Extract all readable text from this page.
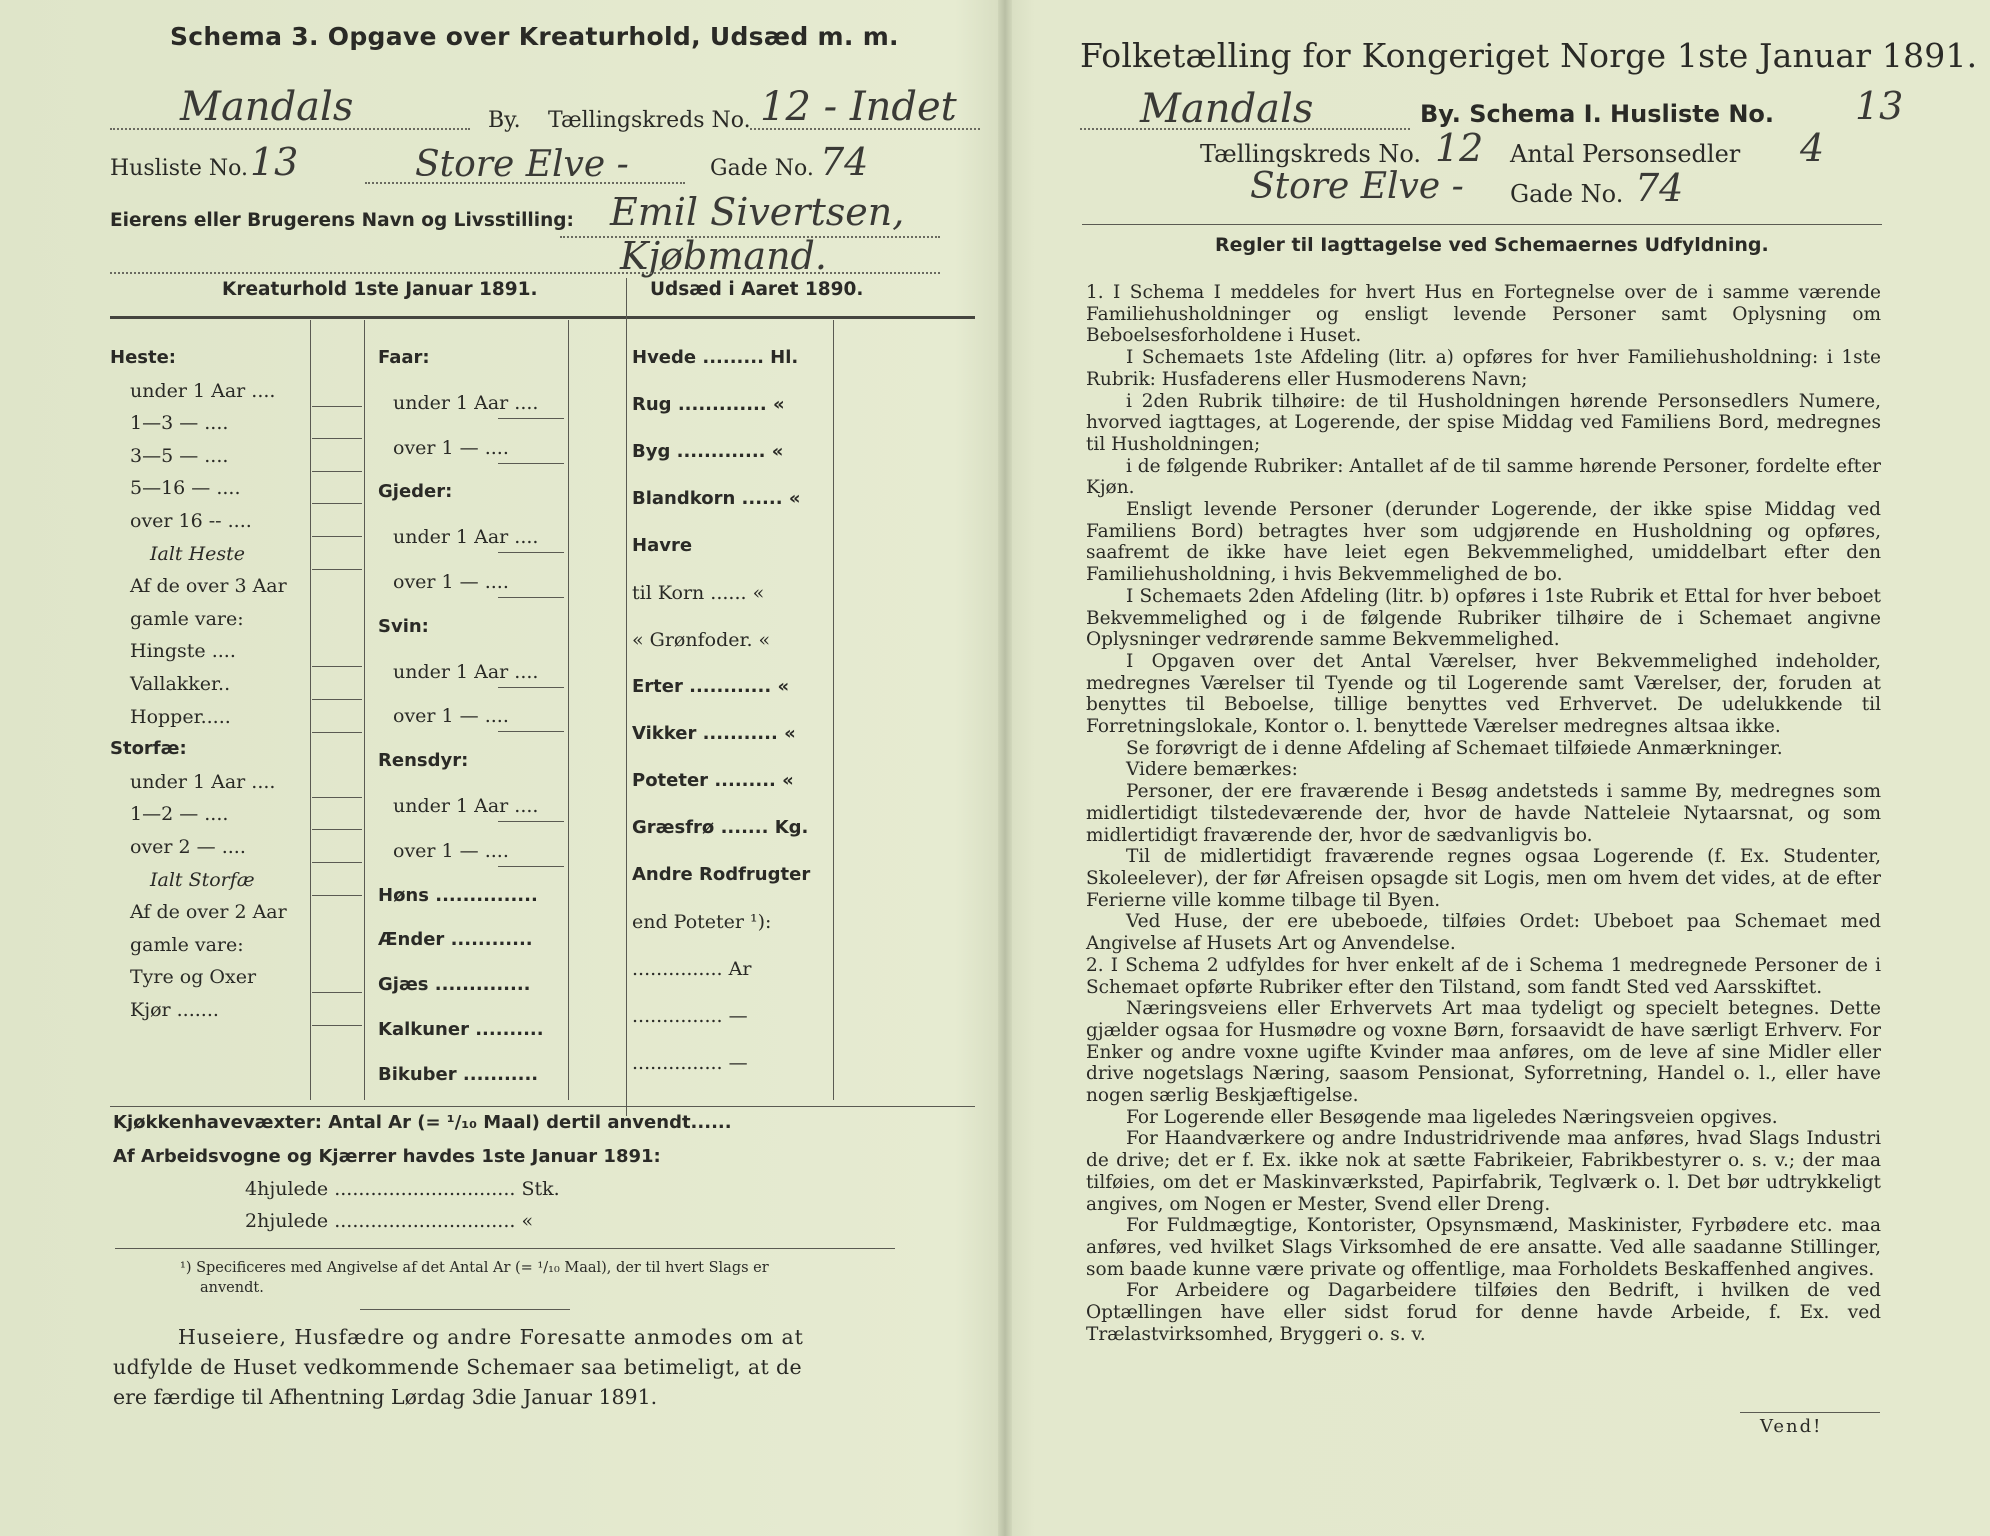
Schema 3. Opgave over Kreaturhold, Udsæd m. m.
Mandals	By. Tællingskreds No. 12 - Indet
Husliste No. 13	Store Elve -	Gade No. 74
Eierens eller Brugerens Navn og Livsstilling: Emil Sivertsen,
Kjøbmand.
Kreaturhold 1ste Januar 1891.	Udsæd i Aaret 1890.
Heste:
under 1 Aar ....
1—3 — ....
3—5 — ....
5—16 — ....
over 16 -- ....
Ialt Heste
Af de over 3 Aar
gamle vare:
Hingste ....
Vallakker..
Hopper.....
Storfæ:
under 1 Aar ....
1—2 — ....
over 2 — ....
Ialt Storfæ
Af de over 2 Aar
gamle vare:
Tyre og Oxer
Kjør .......
Faar:
under 1 Aar ....
over 1 — ....
Gjeder:
under 1 Aar ....
over 1 — ....
Svin:
under 1 Aar ....
over 1 — ....
Rensdyr:
under 1 Aar ....
over 1 — ....
Høns ...............
Ænder ............
Gjæs ..............
Kalkuner ..........
Bikuber ...........
Hvede ......... Hl.
Rug ............. «
Byg ............. «
Blandkorn ...... «
Havre
til Korn ...... «
« Grønfoder. «
Erter ............ «
Vikker ........... «
Poteter ......... «
Græsfrø ....... Kg.
Andre Rodfrugter
end Poteter ¹):
............... Ar
............... —
............... —
Kjøkkenhavevæxter: Antal Ar (= ¹/₁₀ Maal) dertil anvendt......
Af Arbeidsvogne og Kjærrer havdes 1ste Januar 1891:
4hjulede .............................. Stk.
2hjulede .............................. «
¹) Specificeres med Angivelse af det Antal Ar (= ¹/₁₀ Maal), der til hvert Slags er
anvendt.
Huseiere, Husfædre og andre Foresatte anmodes om at
udfylde de Huset vedkommende Schemaer saa betimeligt, at de
ere færdige til Afhentning Lørdag 3die Januar 1891.
Folketælling for Kongeriget Norge 1ste Januar 1891.
Mandals	By. Schema I. Husliste No. 13
Tællingskreds No. 12 Antal Personsedler 4
Store Elve - Gade No. 74
Regler til Iagttagelse ved Schemaernes Udfyldning.
1. I Schema I meddeles for hvert Hus en Fortegnelse over de i samme værende Familiehusholdninger og ensligt levende Personer samt Oplysning om Beboelsesforholdene i Huset.
I Schemaets 1ste Afdeling (litr. a) opføres for hver Familiehusholdning: i 1ste Rubrik: Husfaderens eller Husmoderens Navn;
i 2den Rubrik tilhøire: de til Husholdningen hørende Personsedlers Numere, hvorved iagttages, at Logerende, der spise Middag ved Familiens Bord, medregnes til Husholdningen;
i de følgende Rubriker: Antallet af de til samme hørende Personer, fordelte efter Kjøn.
Ensligt levende Personer (derunder Logerende, der ikke spise Middag ved Familiens Bord) betragtes hver som udgjørende en Husholdning og opføres, saafremt de ikke have leiet egen Bekvemmelighed, umiddelbart efter den Familiehusholdning, i hvis Bekvemmelighed de bo.
I Schemaets 2den Afdeling (litr. b) opføres i 1ste Rubrik et Ettal for hver beboet Bekvemmelighed og i de følgende Rubriker tilhøire de i Schemaet angivne Oplysninger vedrørende samme Bekvemmelighed.
I Opgaven over det Antal Værelser, hver Bekvemmelighed indeholder, medregnes Værelser til Tyende og til Logerende samt Værelser, der, foruden at benyttes til Beboelse, tillige benyttes ved Erhvervet. De udelukkende til Forretningslokale, Kontor o. l. benyttede Værelser medregnes altsaa ikke.
Se forøvrigt de i denne Afdeling af Schemaet tilføiede Anmærkninger.
Videre bemærkes:
Personer, der ere fraværende i Besøg andetsteds i samme By, medregnes som midlertidigt tilstedeværende der, hvor de havde Natteleie Nytaarsnat, og som midlertidigt fraværende der, hvor de sædvanligvis bo.
Til de midlertidigt fraværende regnes ogsaa Logerende (f. Ex. Studenter, Skoleelever), der før Afreisen opsagde sit Logis, men om hvem det vides, at de efter Ferierne ville komme tilbage til Byen.
Ved Huse, der ere ubeboede, tilføies Ordet: Ubeboet paa Schemaet med Angivelse af Husets Art og Anvendelse.
2. I Schema 2 udfyldes for hver enkelt af de i Schema 1 medregnede Personer de i Schemaet opførte Rubriker efter den Tilstand, som fandt Sted ved Aarsskiftet.
Næringsveiens eller Erhvervets Art maa tydeligt og specielt betegnes. Dette gjælder ogsaa for Husmødre og voxne Børn, forsaavidt de have særligt Erhverv. For Enker og andre voxne ugifte Kvinder maa anføres, om de leve af sine Midler eller drive nogetslags Næring, saasom Pensionat, Syforretning, Handel o. l., eller have nogen særlig Beskjæftigelse.
For Logerende eller Besøgende maa ligeledes Næringsveien opgives.
For Haandværkere og andre Industridrivende maa anføres, hvad Slags Industri de drive; det er f. Ex. ikke nok at sætte Fabrikeier, Fabrikbestyrer o. s. v.; der maa tilføies, om det er Maskinværksted, Papirfabrik, Teglværk o. l. Det bør udtrykkeligt angives, om Nogen er Mester, Svend eller Dreng.
For Fuldmægtige, Kontorister, Opsynsmænd, Maskinister, Fyrbødere etc. maa anføres, ved hvilket Slags Virksomhed de ere ansatte. Ved alle saadanne Stillinger, som baade kunne være private og offentlige, maa Forholdets Beskaffenhed angives.
For Arbeidere og Dagarbeidere tilføies den Bedrift, i hvilken de ved Optællingen have eller sidst forud for denne havde Arbeide, f. Ex. ved Trælastvirksomhed, Bryggeri o. s. v.
Vend!
